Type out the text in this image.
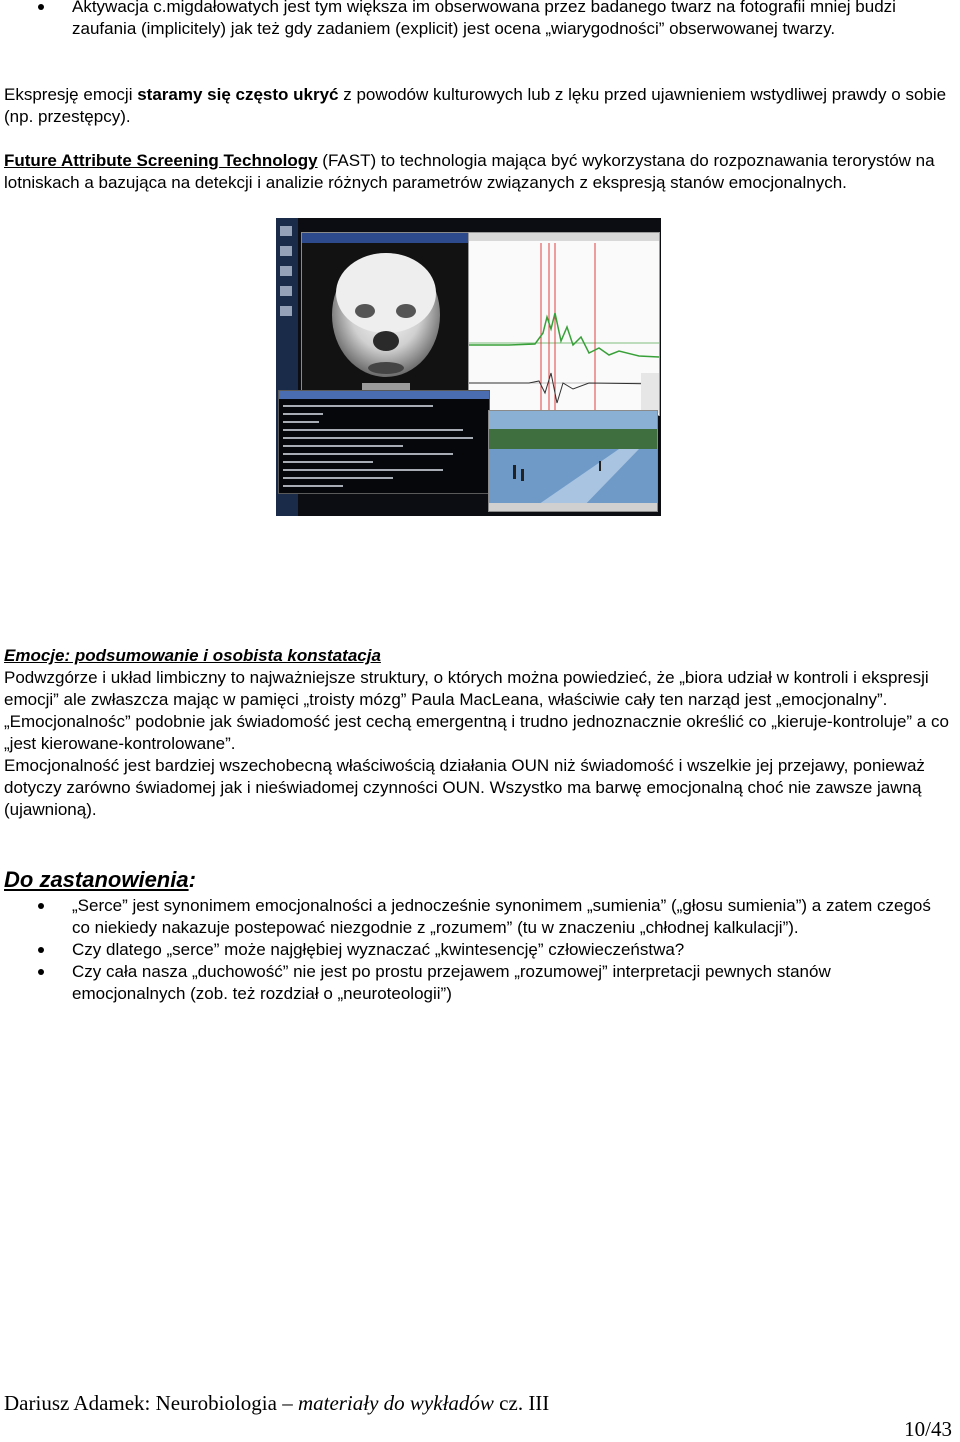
Aktywacja c.migdałowatych jest tym większa im obserwowana przez badanego twarz na fotografii mniej budzi zaufania (implicitely) jak też gdy zadaniem (explicit) jest ocena „wiarygodności” obserwowanej twarzy.
Ekspresję emocji staramy się często ukryć z powodów kulturowych lub z lęku przed ujawnieniem wstydliwej prawdy o sobie (np. przestępcy).
Future Attribute Screening Technology (FAST) to technologia mająca być wykorzystana do rozpoznawania terorystów na lotniskach a bazująca na detekcji i analizie różnych parametrów związanych z ekspresją stanów emocjonalnych.
Emocje: podsumowanie i osobista konstatacja
Podwzgórze i układ limbiczny to najważniejsze struktury, o których można powiedzieć, że „biora udział w kontroli i ekspresji emocji” ale zwłaszcza mając w pamięci „troisty mózg” Paula MacLeana, właściwie cały ten narząd jest „emocjonalny”.
„Emocjonalnośc” podobnie jak świadomość jest cechą emergentną i trudno jednoznacznie określić co „kieruje-kontroluje” a co „jest kierowane-kontrolowane”.
Emocjonalność jest bardziej wszechobecną właściwością działania OUN niż świadomość i wszelkie jej przejawy, ponieważ dotyczy zarówno świadomej jak i nieświadomej czynności OUN. Wszystko ma barwę emocjonalną choć nie zawsze jawną (ujawnioną).
Do zastanowienia:
„Serce” jest synonimem emocjonalności a jednocześnie synonimem „sumienia” („głosu sumienia”) a zatem czegoś co niekiedy nakazuje postepować niezgodnie z „rozumem” (tu w znaczeniu „chłodnej kalkulacji”).
Czy dlatego „serce” może najgłębiej wyznaczać „kwintesencję” człowieczeństwa?
Czy cała nasza „duchowość” nie jest po prostu przejawem „rozumowej” interpretacji pewnych stanów emocjonalnych (zob. też rozdział o „neuroteologii”)
Dariusz Adamek: Neurobiologia – materiały do wykładów cz. III
10/43
